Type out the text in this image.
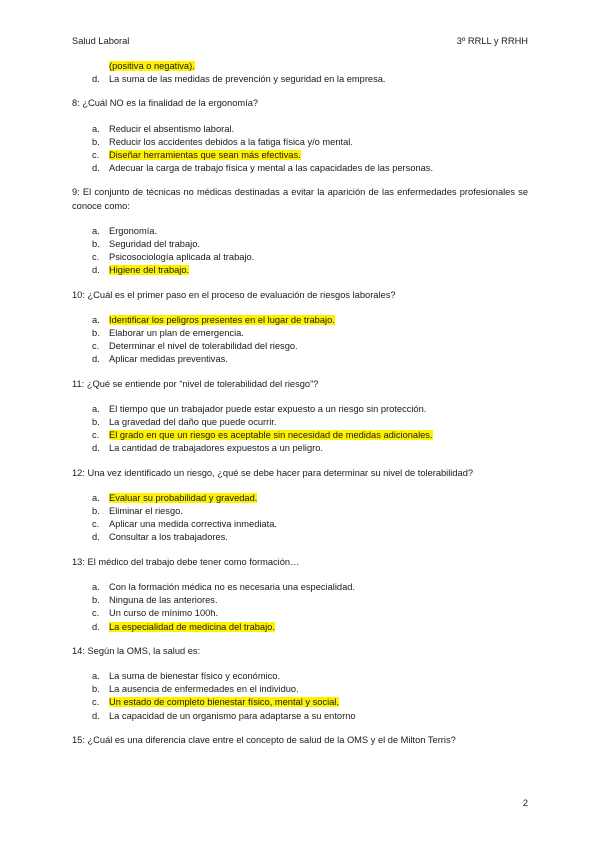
Salud Laboral	3º RRLL y RRHH
(positiva o negativa).
d. La suma de las medidas de prevención y seguridad en la empresa.
8: ¿Cuál NO es la finalidad de la ergonomía?
a. Reducir el absentismo laboral.
b. Reducir los accidentes debidos a la fatiga física y/o mental.
c. Diseñar herramientas que sean más efectivas.
d. Adecuar la carga de trabajo física y mental a las capacidades de las personas.
9: El conjunto de técnicas no médicas destinadas a evitar la aparición de las enfermedades profesionales se conoce como:
a. Ergonomía.
b. Seguridad del trabajo.
c. Psicosociología aplicada al trabajo.
d. Higiene del trabajo.
10: ¿Cuál es el primer paso en el proceso de evaluación de riesgos laborales?
a. Identificar los peligros presentes en el lugar de trabajo.
b. Elaborar un plan de emergencia.
c. Determinar el nivel de tolerabilidad del riesgo.
d. Aplicar medidas preventivas.
11: ¿Qué se entiende por “nivel de tolerabilidad del riesgo”?
a. El tiempo que un trabajador puede estar expuesto a un riesgo sin protección.
b. La gravedad del daño que puede ocurrir.
c. El grado en que un riesgo es aceptable sin necesidad de medidas adicionales.
d. La cantidad de trabajadores expuestos a un peligro.
12: Una vez identificado un riesgo, ¿qué se debe hacer para determinar su nivel de tolerabilidad?
a. Evaluar su probabilidad y gravedad.
b. Eliminar el riesgo.
c. Aplicar una medida correctiva inmediata.
d. Consultar a los trabajadores.
13: El médico del trabajo debe tener como formación…
a. Con la formación médica no es necesaria una especialidad.
b. Ninguna de las anteriores.
c. Un curso de mínimo 100h.
d. La especialidad de medicina del trabajo.
14: Según la OMS, la salud es:
a. La suma de bienestar físico y económico.
b. La ausencia de enfermedades en el individuo.
c. Un estado de completo bienestar físico, mental y social.
d. La capacidad de un organismo para adaptarse a su entorno
15: ¿Cuál es una diferencia clave entre el concepto de salud de la OMS y el de Milton Terris?
2
